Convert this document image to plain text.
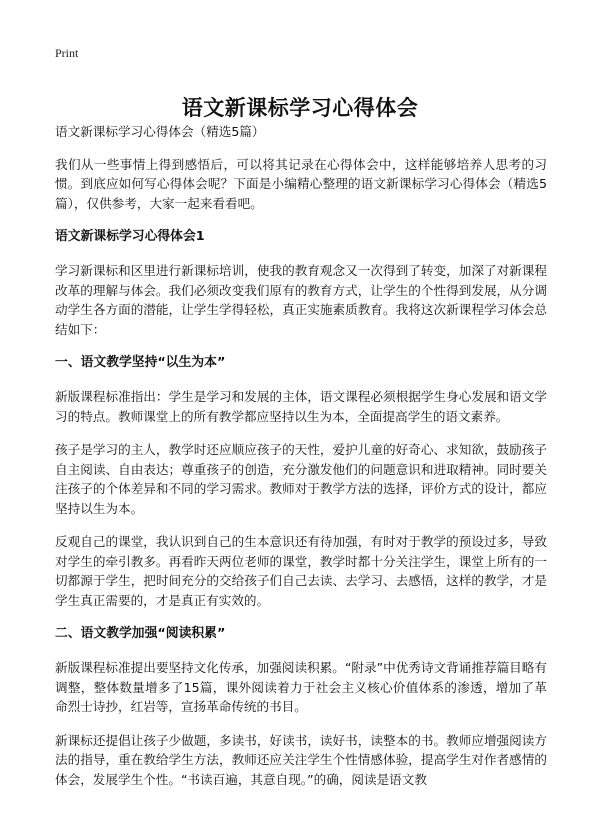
Print
语文新课标学习心得体会

语文新课标学习心得体会（精选5篇）

我们从一些事情上得到感悟后，可以将其记录在心得体会中，这样能够培养人思考的习惯。到底应如何写心得体会呢？下面是小编精心整理的语文新课标学习心得体会（精选5篇），仅供参考，大家一起来看看吧。

语文新课标学习心得体会1

学习新课标和区里进行新课标培训，使我的教育观念又一次得到了转变，加深了对新课程改革的理解与体会。我们必须改变我们原有的教育方式，让学生的个性得到发展，从分调动学生各方面的潜能，让学生学得轻松，真正实施素质教育。我将这次新课程学习体会总结如下：

一、语文教学坚持“以生为本”

新版课程标准指出：学生是学习和发展的主体，语文课程必须根据学生身心发展和语文学习的特点。教师课堂上的所有教学都应坚持以生为本，全面提高学生的语文素养。

孩子是学习的主人，教学时还应顺应孩子的天性，爱护儿童的好奇心、求知欲，鼓励孩子自主阅读、自由表达；尊重孩子的创造，充分激发他们的问题意识和进取精神。同时要关注孩子的个体差异和不同的学习需求。教师对于教学方法的选择，评价方式的设计，都应坚持以生为本。

反观自己的课堂，我认识到自己的生本意识还有待加强，有时对于教学的预设过多，导致对学生的牵引教多。再看昨天两位老师的课堂，教学时都十分关注学生，课堂上所有的一切都源于学生，把时间充分的交给孩子们自己去读、去学习、去感悟，这样的教学，才是学生真正需要的，才是真正有实效的。

二、语文教学加强“阅读积累”

新版课程标准提出要坚持文化传承，加强阅读积累。“附录”中优秀诗文背诵推荐篇目略有调整，整体数量增多了15篇，课外阅读着力于社会主义核心价值体系的渗透，增加了革命烈士诗抄，红岩等，宣扬革命传统的书目。

新课标还提倡让孩子少做题，多读书，好读书，读好书，读整本的书。教师应增强阅读方法的指导，重在教给学生方法，教师还应关注学生个性情感体验，提高学生对作者感情的体会，发展学生个性。“书读百遍，其意自现。”的确，阅读是语文教
